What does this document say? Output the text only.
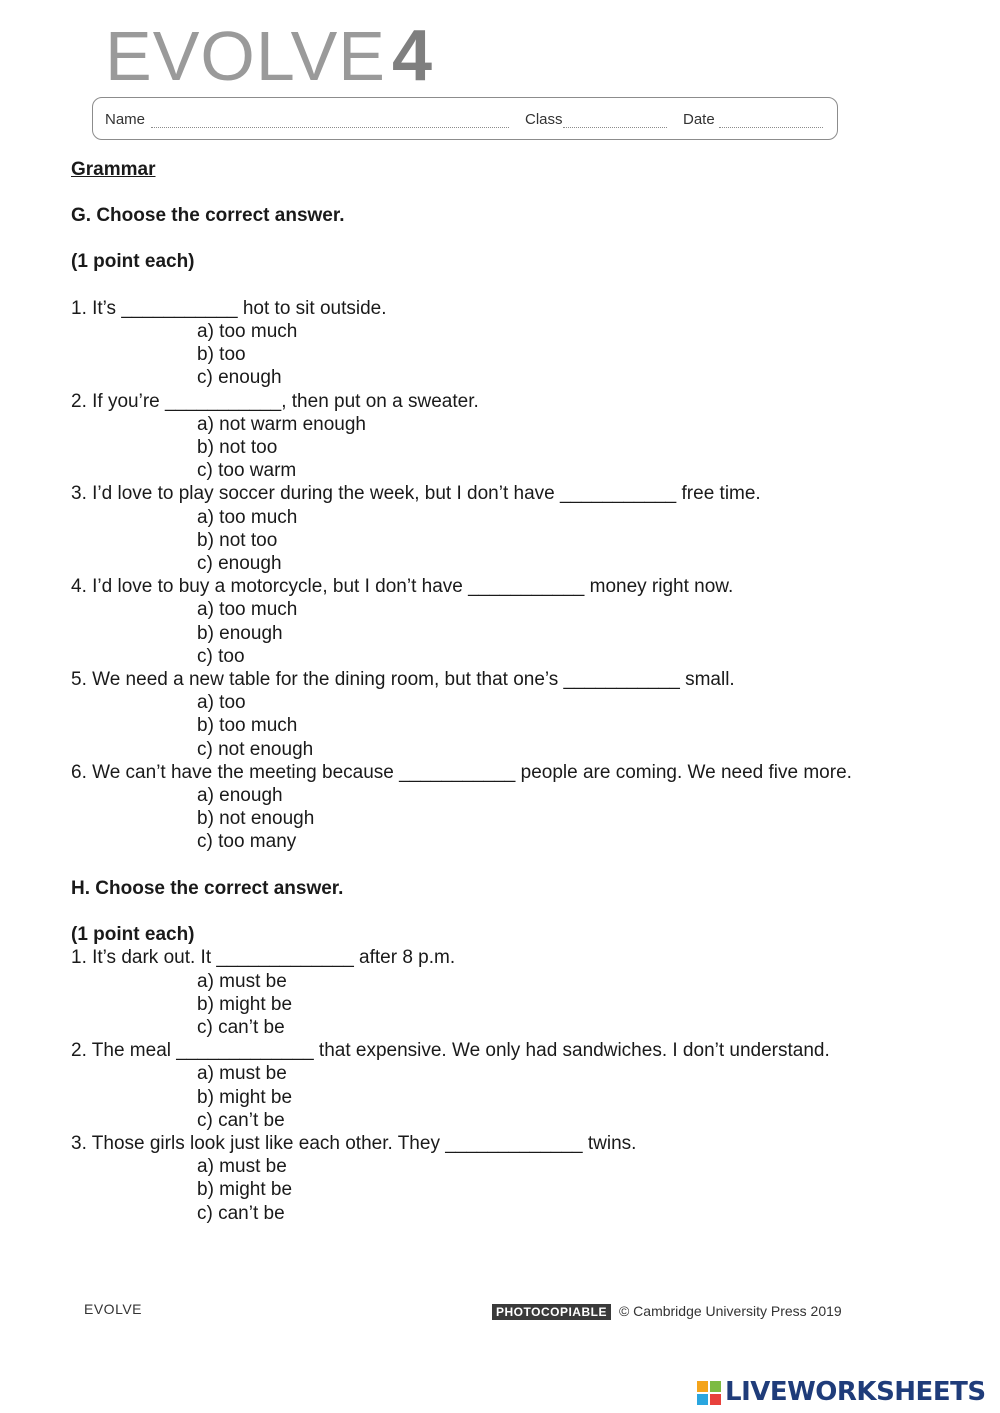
EVOLVE4
Name	Class	Date
Grammar
G. Choose the correct answer.
(1 point each)
1. It’s ___________ hot to sit outside.
a) too much
b) too
c) enough
2. If you’re ___________, then put on a sweater.
a) not warm enough
b) not too
c) too warm
3. I’d love to play soccer during the week, but I don’t have ___________ free time.
a) too much
b) not too
c) enough
4. I’d love to buy a motorcycle, but I don’t have ___________ money right now.
a) too much
b) enough
c) too
5. We need a new table for the dining room, but that one’s ___________ small.
a) too
b) too much
c) not enough
6. We can’t have the meeting because ___________ people are coming. We need five more.
a) enough
b) not enough
c) too many
H. Choose the correct answer.
(1 point each)
1. It’s dark out. It _____________ after 8 p.m.
a) must be
b) might be
c) can’t be
2. The meal _____________ that expensive. We only had sandwiches. I don’t understand.
a) must be
b) might be
c) can’t be
3. Those girls look just like each other. They _____________ twins.
a) must be
b) might be
c) can’t be
EVOLVE	PHOTOCOPIABLE © Cambridge University Press 2019
LIVEWORKSHEETS
